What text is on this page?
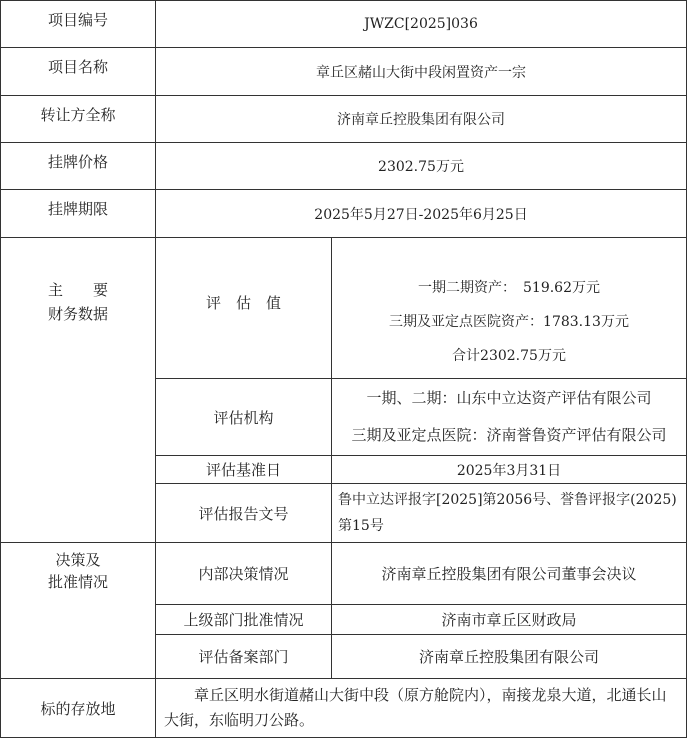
项目编号	JWZC[2025]036	
项目名称	章丘区赭山大街中段闲置资产一宗	
转让方全称	济南章丘控股集团有限公司	
挂牌价格	2302.75万元	
挂牌期限	2025年5月27日-2025年6月25日	

主　　要
财务数据	评　估　值	一期二期资产：　519.62万元
三期及亚定点医院资产：1783.13万元
合计2302.75万元

	评估机构	一期、二期：山东中立达资产评估有限公司
三期及亚定点医院：济南誉鲁资产评估有限公司

	评估基准日	2025年3月31日
	评估报告文号	鲁中立达评报字[2025]第2056号、誉鲁评报字(2025)第15号

决策及
批准情况	内部决策情况	济南章丘控股集团有限公司董事会决议
	上级部门批准情况	济南市章丘区财政局
	评估备案部门	济南章丘控股集团有限公司
标的存放地	章丘区明水街道赭山大街中段（原方舱院内），南接龙泉大道，北通长山大街，东临明刀公路。	
